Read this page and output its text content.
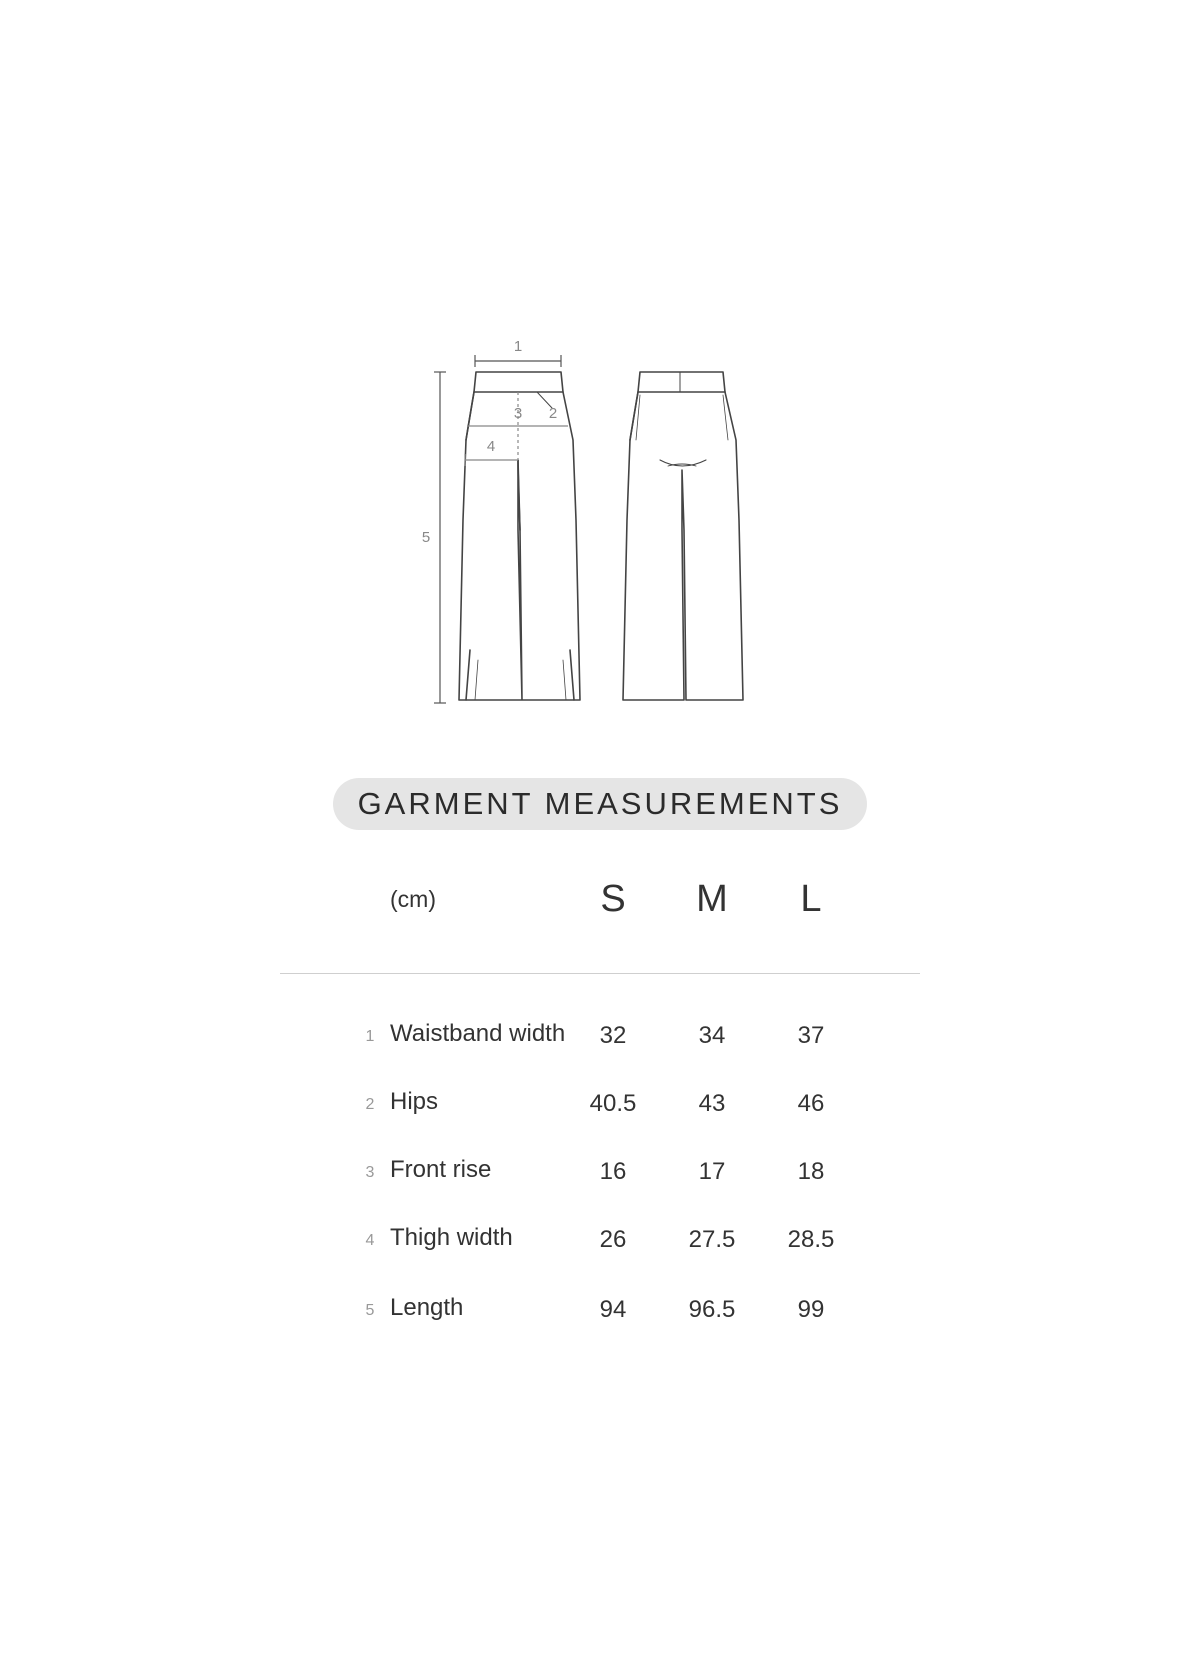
1
2
3
4
5
GARMENT MEASUREMENTS
(cm)	S	M	L
1 Waistband width	32	34	37
2 Hips	40.5	43	46
3 Front rise	16	17	18
4 Thigh width	26	27.5	28.5
5 Length	94	96.5	99
